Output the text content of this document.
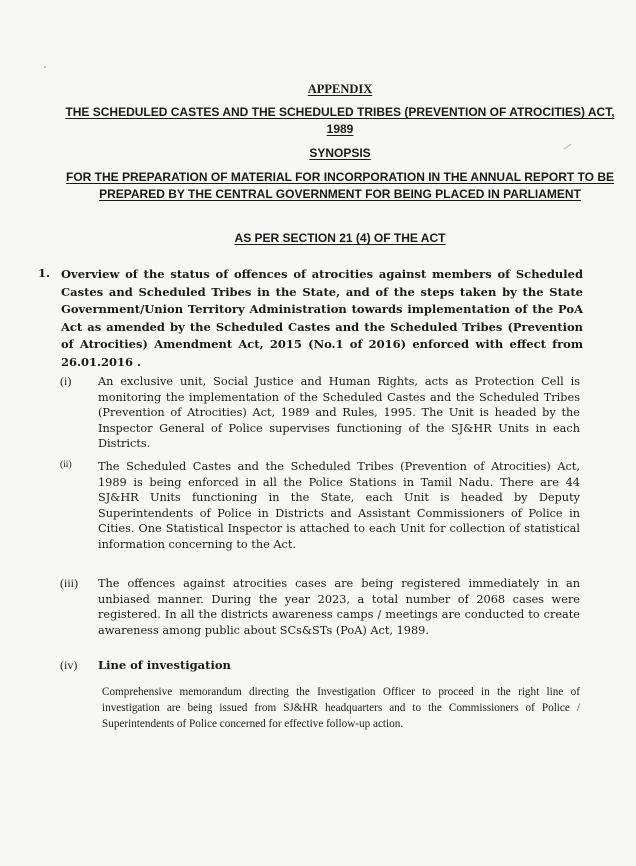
APPENDIX
THE SCHEDULED CASTES AND THE SCHEDULED TRIBES (PREVENTION OF ATROCITIES) ACT, 1989
SYNOPSIS
FOR THE PREPARATION OF MATERIAL FOR INCORPORATION IN THE ANNUAL REPORT TO BE PREPARED BY THE CENTRAL GOVERNMENT FOR BEING PLACED IN PARLIAMENT
AS PER SECTION 21 (4) OF THE ACT
1. Overview of the status of offences of atrocities against members of Scheduled Castes and Scheduled Tribes in the State, and of the steps taken by the State Government/Union Territory Administration towards implementation of the PoA Act as amended by the Scheduled Castes and the Scheduled Tribes (Prevention of Atrocities) Amendment Act, 2015 (No.1 of 2016) enforced with effect from 26.01.2016 .
(i) An exclusive unit, Social Justice and Human Rights, acts as Protection Cell is monitoring the implementation of the Scheduled Castes and the Scheduled Tribes (Prevention of Atrocities) Act, 1989 and Rules, 1995. The Unit is headed by the Inspector General of Police supervises functioning of the SJ&HR Units in each Districts.
(ii) The Scheduled Castes and the Scheduled Tribes (Prevention of Atrocities) Act, 1989 is being enforced in all the Police Stations in Tamil Nadu. There are 44 SJ&HR Units functioning in the State, each Unit is headed by Deputy Superintendents of Police in Districts and Assistant Commissioners of Police in Cities. One Statistical Inspector is attached to each Unit for collection of statistical information concerning to the Act.
(iii) The offences against atrocities cases are being registered immediately in an unbiased manner. During the year 2023, a total number of 2068 cases were registered. In all the districts awareness camps / meetings are conducted to create awareness among public about SCs&STs (PoA) Act, 1989.
(iv) Line of investigation
Comprehensive memorandum directing the Investigation Officer to proceed in the right line of investigation are being issued from SJ&HR headquarters and to the Commissioners of Police / Superintendents of Police concerned for effective follow-up action.
